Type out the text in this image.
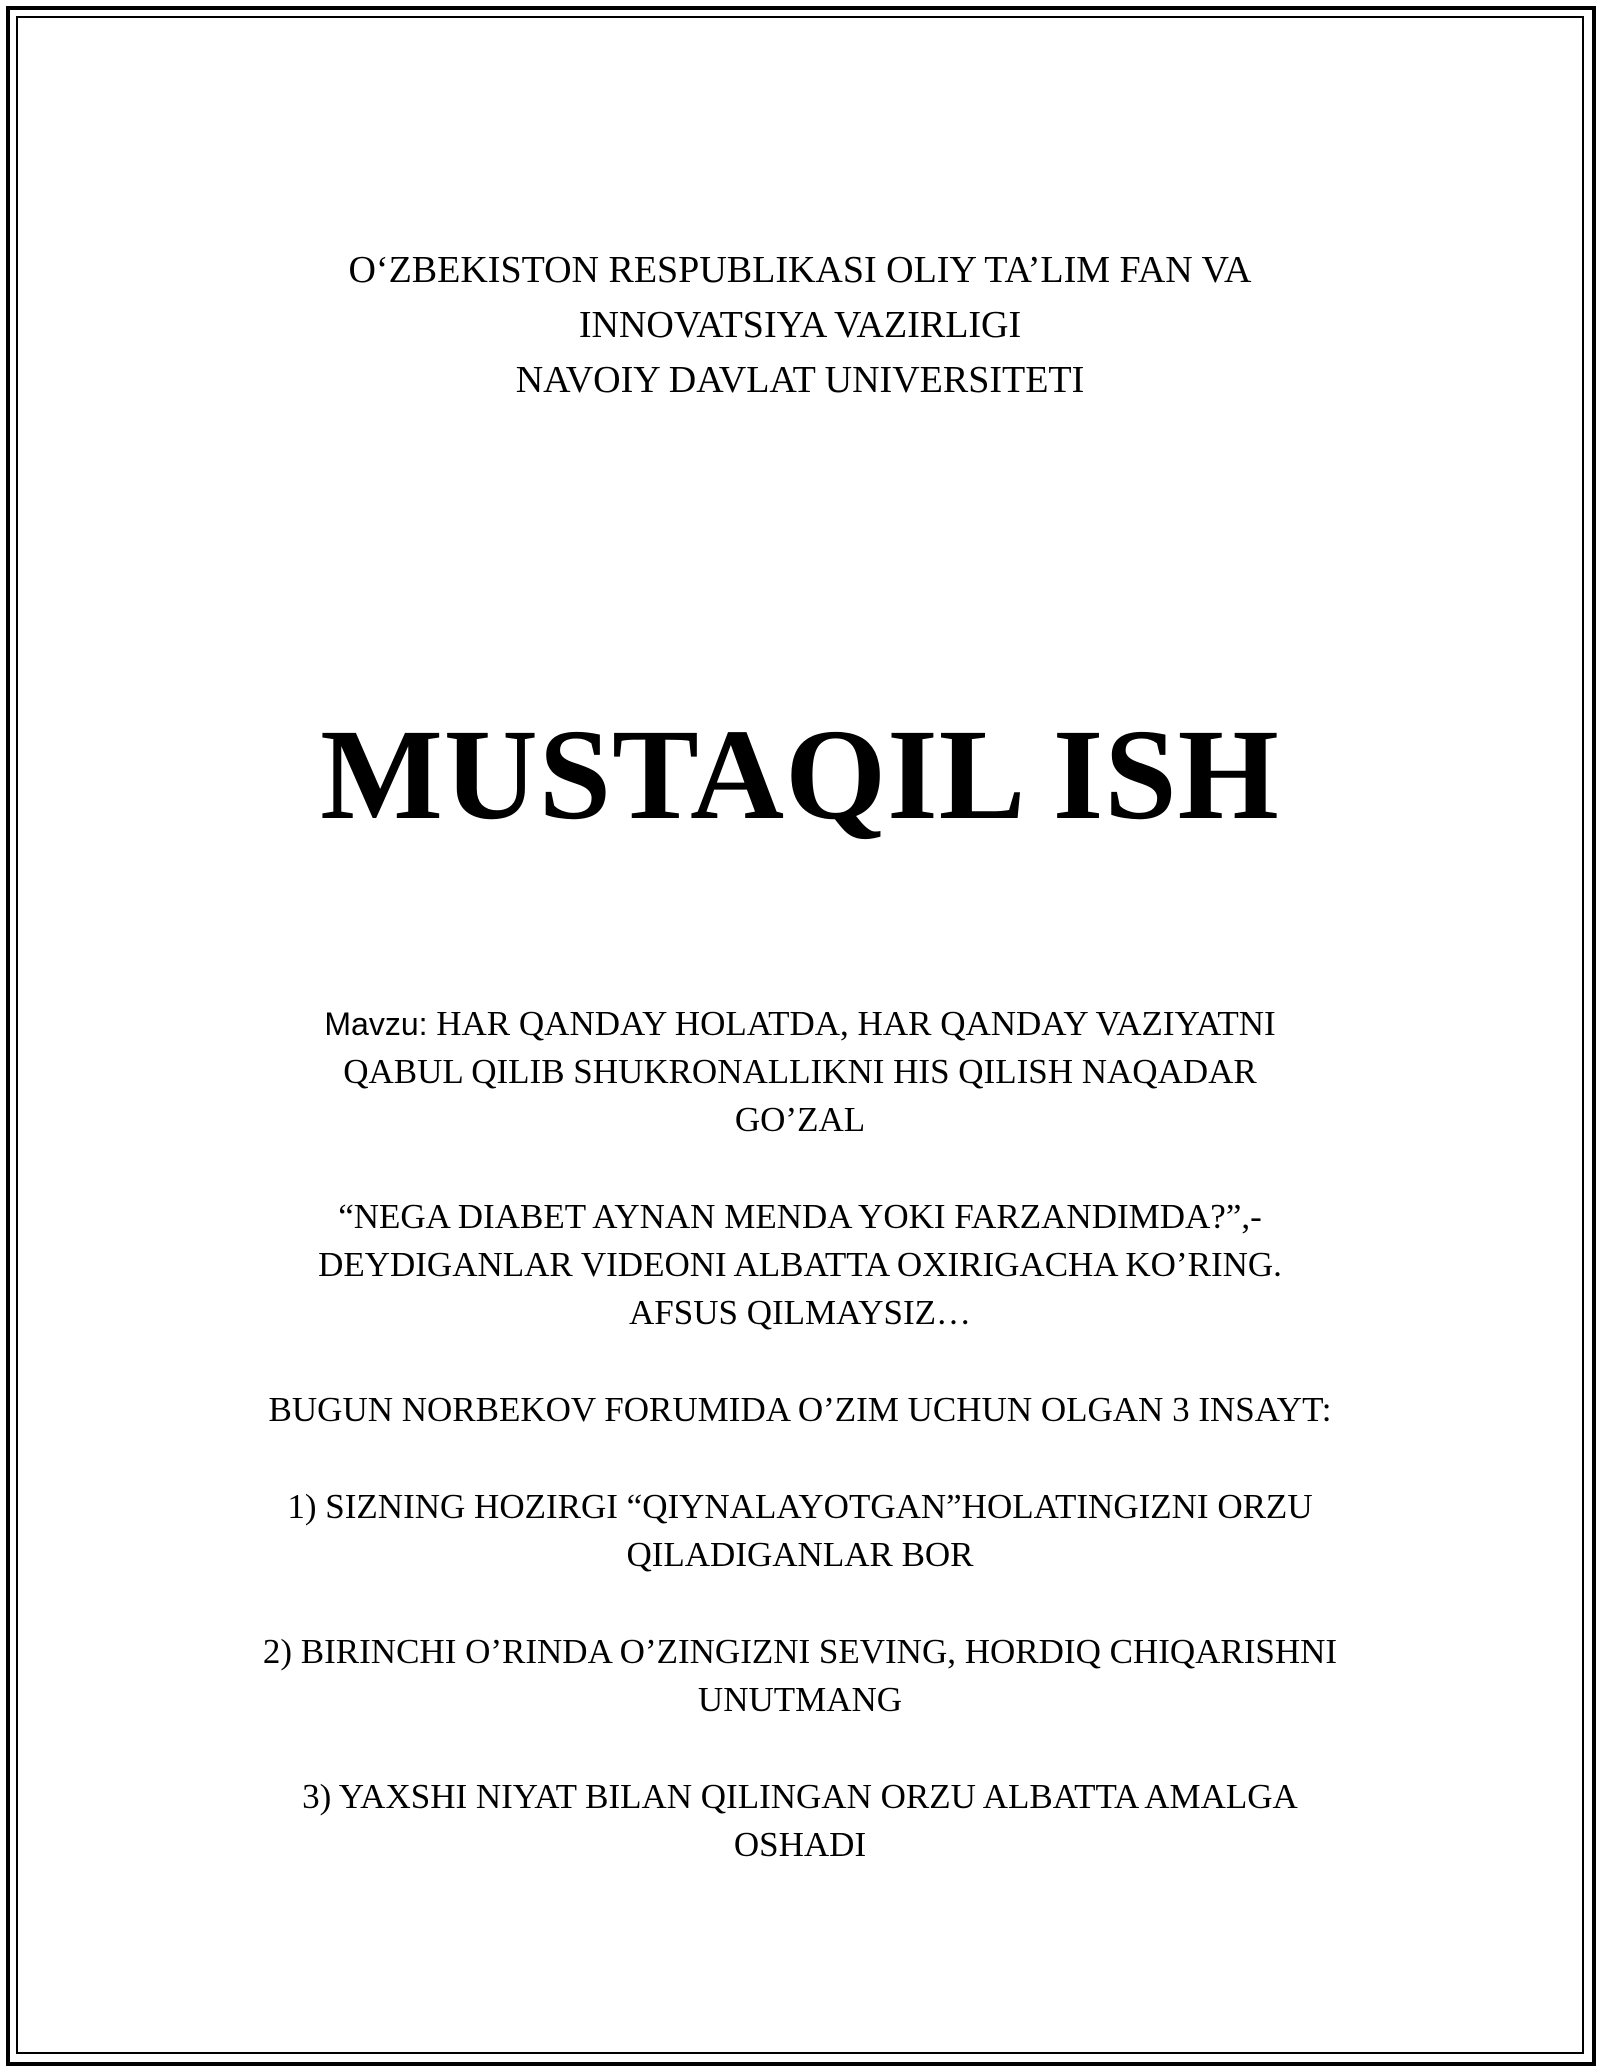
O‘ZBEKISTON RESPUBLIKASI OLIY TA’LIM FAN VA
INNOVATSIYA VAZIRLIGI
NAVOIY DAVLAT UNIVERSITETI
MUSTAQIL ISH
Mavzu: HAR QANDAY HOLATDA, HAR QANDAY VAZIYATNI
QABUL QILIB SHUKRONALLIKNI HIS QILISH NAQADAR
GO’ZAL
“NEGA DIABET AYNAN MENDA YOKI FARZANDIMDA?”,-
DEYDIGANLAR VIDEONI ALBATTA OXIRIGACHA KO’RING.
AFSUS QILMAYSIZ…
BUGUN NORBEKOV FORUMIDA O’ZIM UCHUN OLGAN 3 INSAYT:
1) SIZNING HOZIRGI “QIYNALAYOTGAN”HOLATINGIZNI ORZU
QILADIGANLAR BOR
2) BIRINCHI O’RINDA O’ZINGIZNI SEVING, HORDIQ CHIQARISHNI
UNUTMANG
3) YAXSHI NIYAT BILAN QILINGAN ORZU ALBATTA AMALGA
OSHADI
